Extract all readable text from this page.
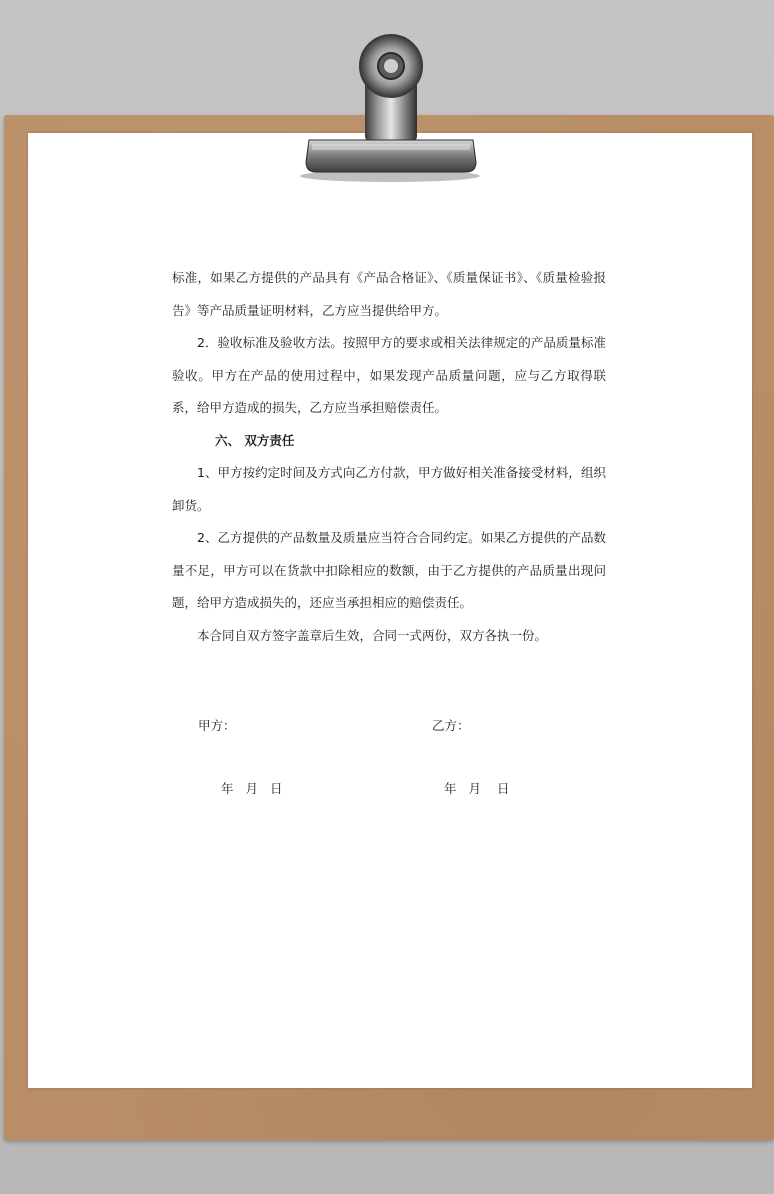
标准，如果乙方提供的产品具有《产品合格证》、《质量保证书》、《质量检验报告》等产品质量证明材料，乙方应当提供给甲方。

2．验收标准及验收方法。按照甲方的要求或相关法律规定的产品质量标准验收。甲方在产品的使用过程中，如果发现产品质量问题，应与乙方取得联系，给甲方造成的损失，乙方应当承担赔偿责任。

六、 双方责任

1、甲方按约定时间及方式向乙方付款，甲方做好相关准备接受材料，组织卸货。

2、乙方提供的产品数量及质量应当符合合同约定。如果乙方提供的产品数量不足，甲方可以在货款中扣除相应的数额，由于乙方提供的产品质量出现问题，给甲方造成损失的，还应当承担相应的赔偿责任。

本合同自双方签字盖章后生效，合同一式两份，双方各执一份。

甲方：	乙方：
年 月 日	年 月 日
